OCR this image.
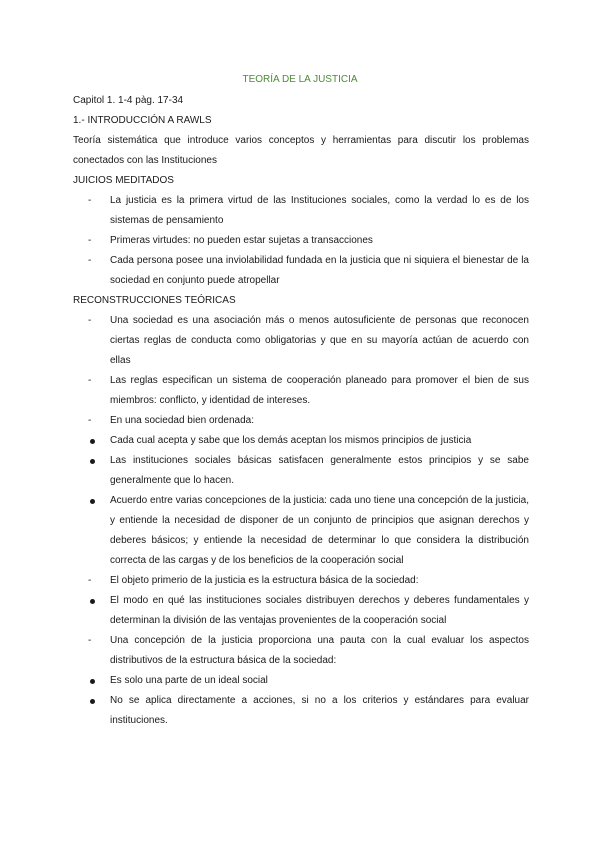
TEORÍA DE LA JUSTICIA
Capitol 1. 1-4 pàg. 17-34
1.- INTRODUCCIÓN A RAWLS
Teoría sistemática que introduce varios conceptos y herramientas para discutir los problemas conectados con las Instituciones
JUICIOS MEDITADOS
- La justicia es la primera virtud de las Instituciones sociales, como la verdad lo es de los sistemas de pensamiento
- Primeras virtudes: no pueden estar sujetas a transacciones
- Cada persona posee una inviolabilidad fundada en la justicia que ni siquiera el bienestar de la sociedad en conjunto puede atropellar
RECONSTRUCCIONES TEÓRICAS
- Una sociedad es una asociación más o menos autosuficiente de personas que reconocen ciertas reglas de conducta como obligatorias y que en su mayoría actúan de acuerdo con ellas
- Las reglas especifican un sistema de cooperación planeado para promover el bien de sus miembros: conflicto, y identidad de intereses.
- En una sociedad bien ordenada:
Cada cual acepta y sabe que los demás aceptan los mismos principios de justicia
Las instituciones sociales básicas satisfacen generalmente estos principios y se sabe generalmente que lo hacen.
Acuerdo entre varias concepciones de la justicia: cada uno tiene una concepción de la justicia, y entiende la necesidad de disponer de un conjunto de principios que asignan derechos y deberes básicos; y entiende la necesidad de determinar lo que considera la distribución correcta de las cargas y de los beneficios de la cooperación social
- El objeto primerio de la justicia es la estructura básica de la sociedad:
El modo en qué las instituciones sociales distribuyen derechos y deberes fundamentales y determinan la división de las ventajas provenientes de la cooperación social
- Una concepción de la justicia proporciona una pauta con la cual evaluar los aspectos distributivos de la estructura básica de la sociedad:
Es solo una parte de un ideal social
No se aplica directamente a acciones, si no a los criterios y estándares para evaluar instituciones.
